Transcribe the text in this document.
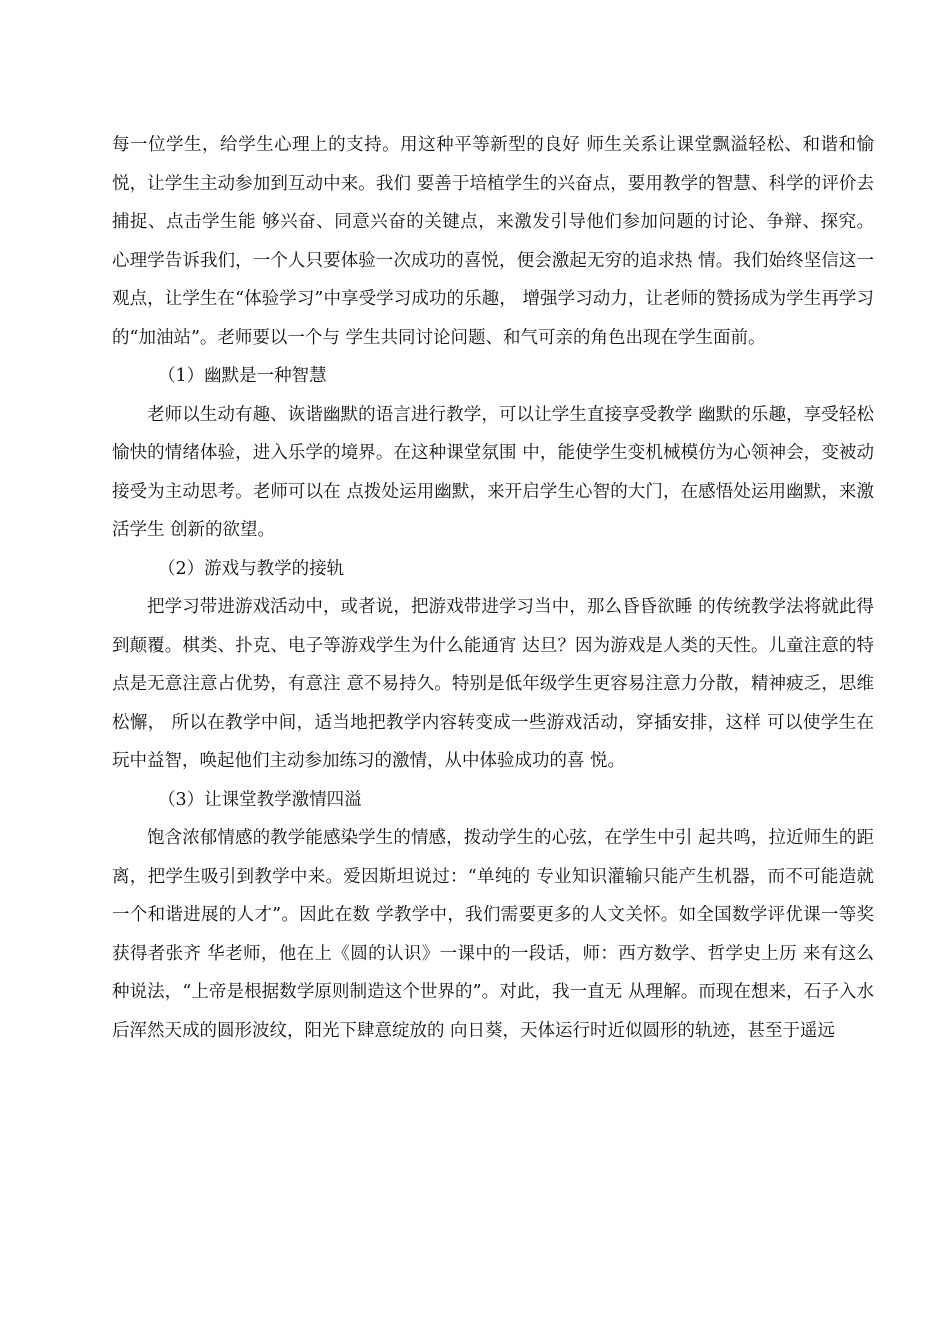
每一位学生，给学生心理上的支持。用这种平等新型的良好 师生关系让课堂飘溢轻松、和谐和愉悦，让学生主动参加到互动中来。我们 要善于培植学生的兴奋点，要用教学的智慧、科学的评价去捕捉、点击学生能 够兴奋、同意兴奋的关键点，来激发引导他们参加问题的讨论、争辩、探究。 心理学告诉我们，一个人只要体验一次成功的喜悦，便会激起无穷的追求热 情。我们始终坚信这一观点，让学生在“体验学习”中享受学习成功的乐趣， 增强学习动力，让老师的赞扬成为学生再学习的“加油站”。老师要以一个与 学生共同讨论问题、和气可亲的角色出现在学生面前。

（1）幽默是一种智慧

老师以生动有趣、诙谐幽默的语言进行教学，可以让学生直接享受教学 幽默的乐趣，享受轻松愉快的情绪体验，进入乐学的境界。在这种课堂氛围 中，能使学生变机械模仿为心领神会，变被动接受为主动思考。老师可以在 点拨处运用幽默，来开启学生心智的大门，在感悟处运用幽默，来激活学生 创新的欲望。

（2）游戏与教学的接轨

把学习带进游戏活动中，或者说，把游戏带进学习当中，那么昏昏欲睡 的传统教学法将就此得到颠覆。棋类、扑克、电子等游戏学生为什么能通宵 达旦？因为游戏是人类的天性。儿童注意的特点是无意注意占优势，有意注 意不易持久。特别是低年级学生更容易注意力分散，精神疲乏，思维松懈， 所以在教学中间，适当地把教学内容转变成一些游戏活动，穿插安排，这样 可以使学生在玩中益智，唤起他们主动参加练习的激情，从中体验成功的喜 悦。

（3）让课堂教学激情四溢

饱含浓郁情感的教学能感染学生的情感，拨动学生的心弦，在学生中引 起共鸣，拉近师生的距离，把学生吸引到教学中来。爱因斯坦说过：“单纯的 专业知识灌输只能产生机器，而不可能造就一个和谐进展的人才”。因此在数 学教学中，我们需要更多的人文关怀。如全国数学评优课一等奖获得者张齐 华老师，他在上《圆的认识》一课中的一段话，师：西方数学、哲学史上历 来有这么种说法，“上帝是根据数学原则制造这个世界的”。对此，我一直无 从理解。而现在想来，石子入水后浑然天成的圆形波纹，阳光下肆意绽放的 向日葵，天体运行时近似圆形的轨迹，甚至于遥远
